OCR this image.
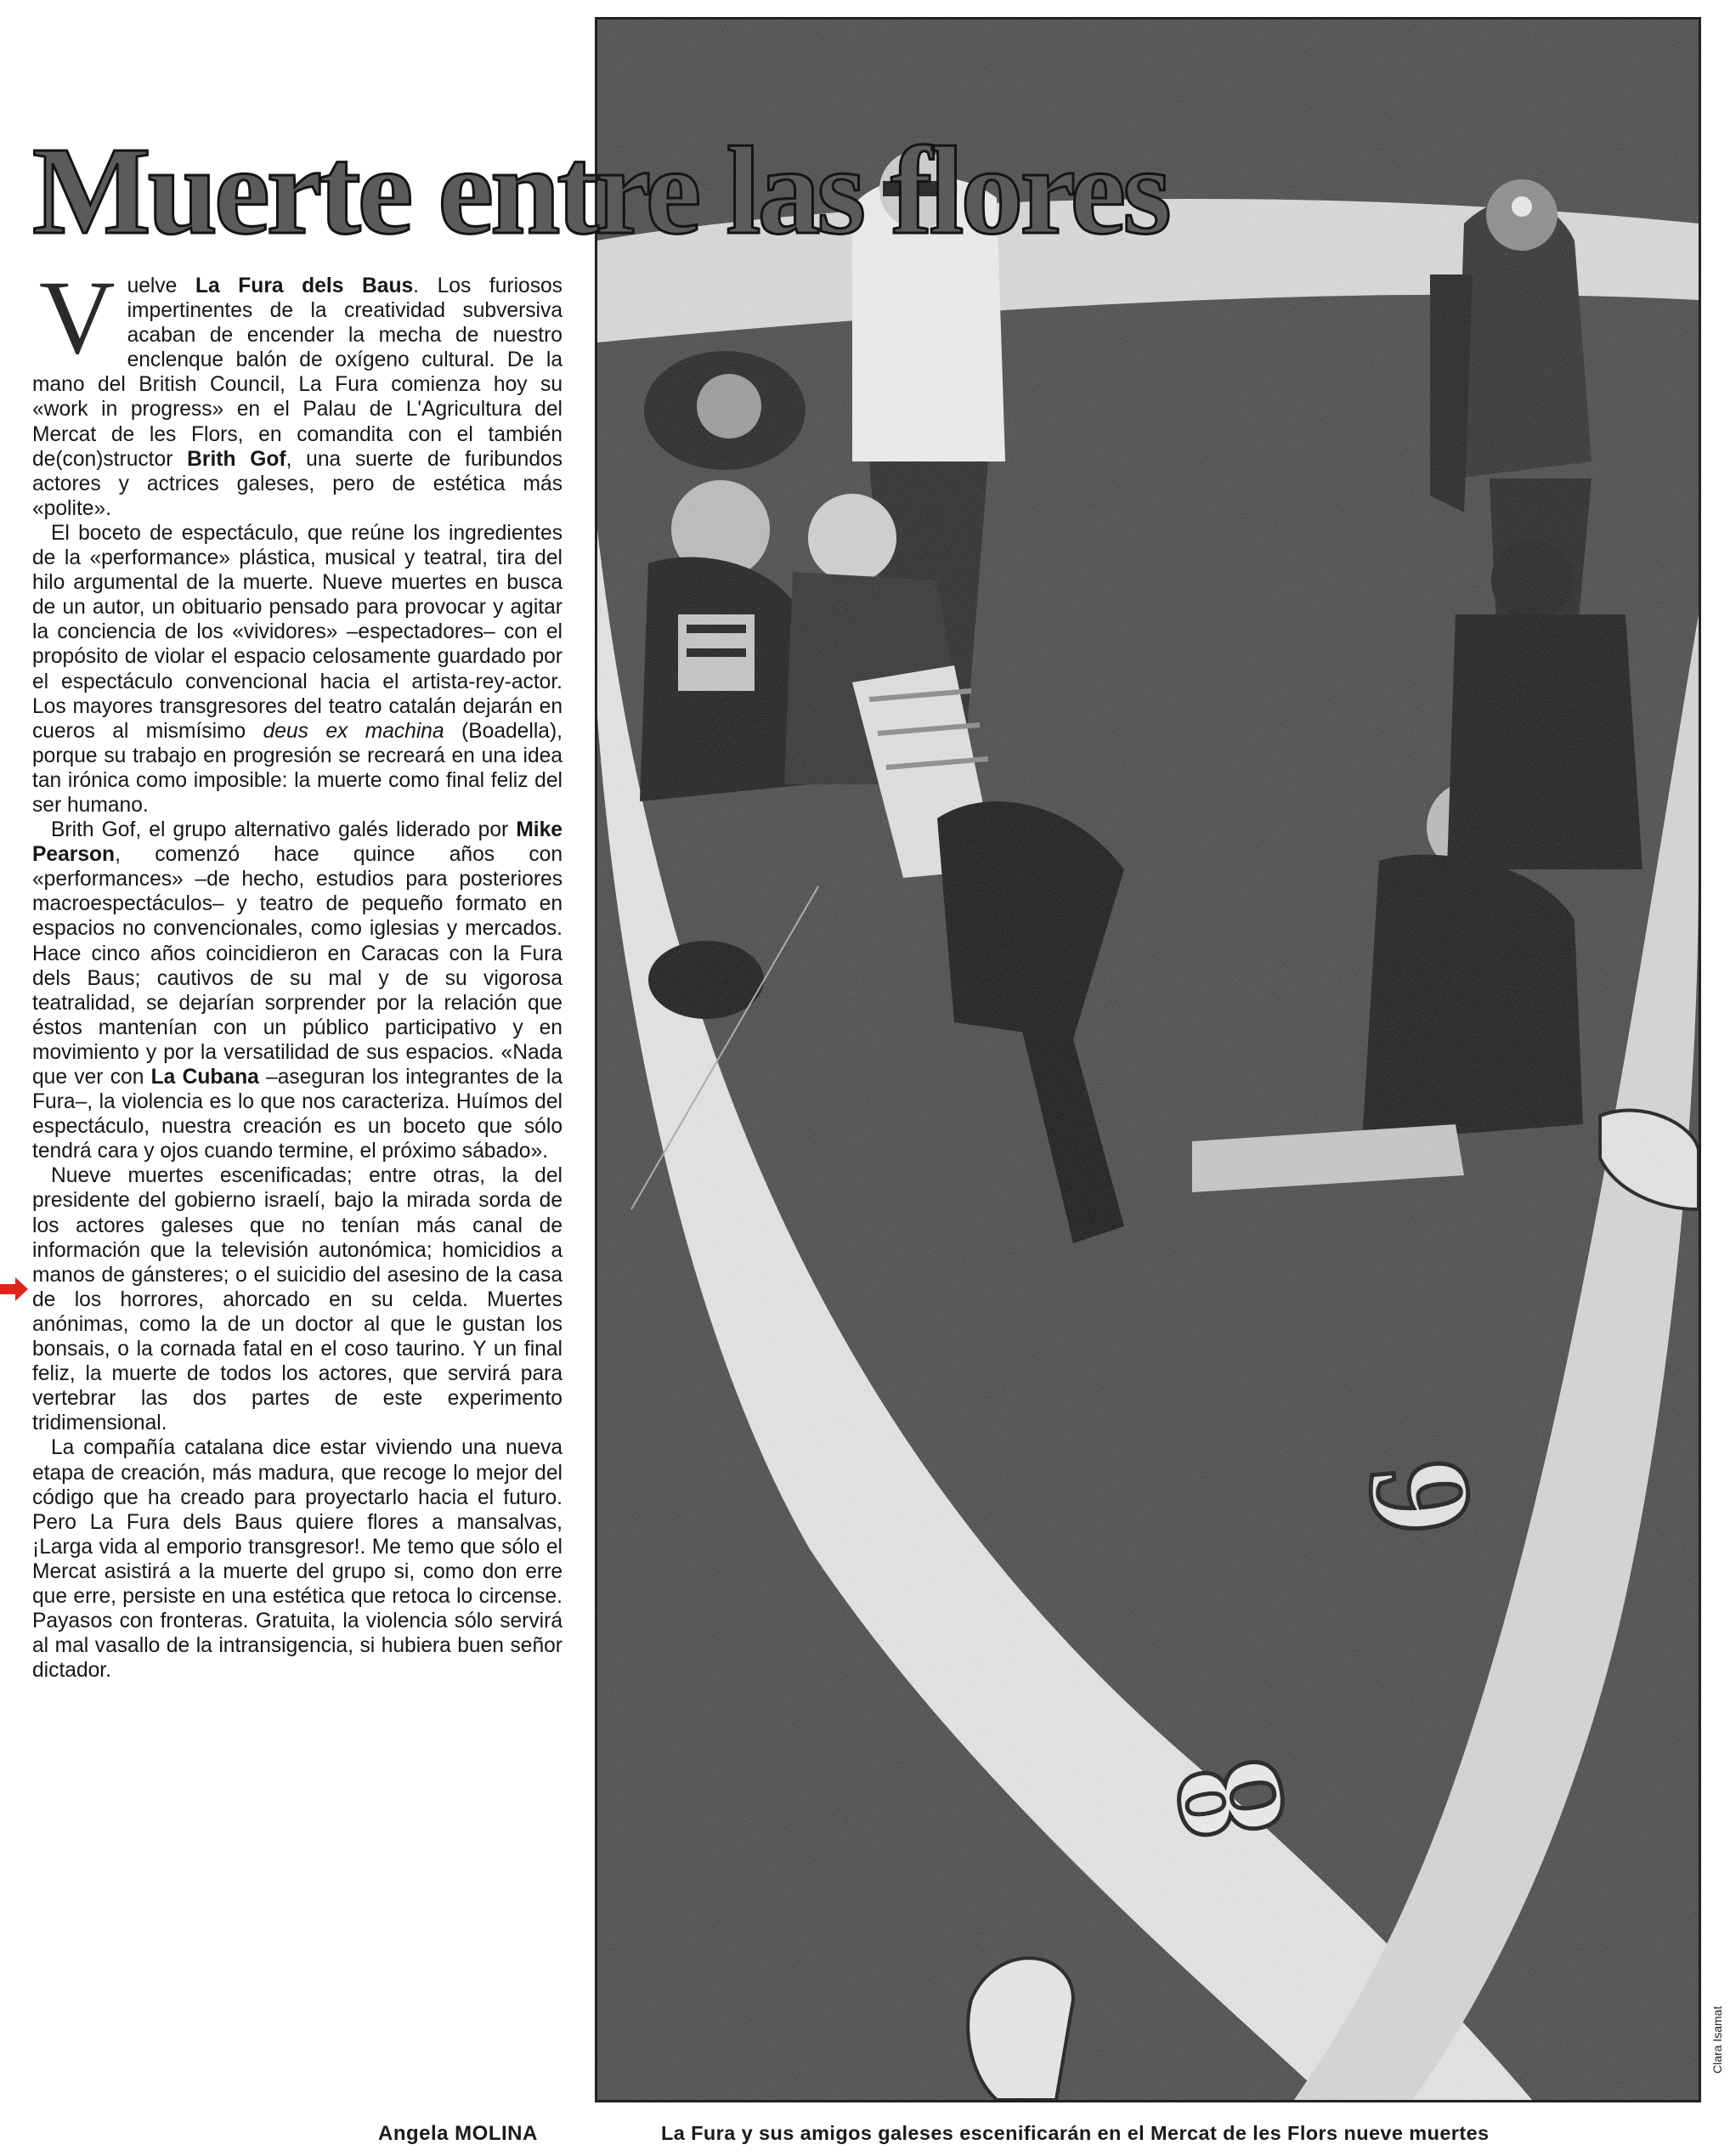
Muerte entre las flores

Vuelve La Fura dels Baus. Los furiosos impertinentes de la creatividad subversiva acaban de encender la mecha de nuestro enclenque balón de oxígeno cultural. De la mano del British Council, La Fura comienza hoy su «work in progress» en el Palau de L'Agricultura del Mercat de les Flors, en comandita con el también de(con)structor Brith Gof, una suerte de furibundos actores y actrices galeses, pero de estética más «polite».

El boceto de espectáculo, que reúne los ingredientes de la «performance» plástica, musical y teatral, tira del hilo argumental de la muerte. Nueve muertes en busca de un autor, un obituario pensado para provocar y agitar la conciencia de los «vividores» –espectadores– con el propósito de violar el espacio celosamente guardado por el espectáculo convencional hacia el artista-rey-actor. Los mayores transgresores del teatro catalán dejarán en cueros al mismísimo deus ex machina (Boadella), porque su trabajo en progresión se recreará en una idea tan irónica como imposible: la muerte como final feliz del ser humano.

Brith Gof, el grupo alternativo galés liderado por Mike Pearson, comenzó hace quince años con «performances» –de hecho, estudios para posteriores macroespectáculos– y teatro de pequeño formato en espacios no convencionales, como iglesias y mercados. Hace cinco años coincidieron en Caracas con la Fura dels Baus; cautivos de su mal y de su vigorosa teatralidad, se dejarían sorprender por la relación que éstos mantenían con un público participativo y en movimiento y por la versatilidad de sus espacios. «Nada que ver con La Cubana –aseguran los integrantes de la Fura–, la violencia es lo que nos caracteriza. Huímos del espectáculo, nuestra creación es un boceto que sólo tendrá cara y ojos cuando termine, el próximo sábado».

Nueve muertes escenificadas; entre otras, la del presidente del gobierno israelí, bajo la mirada sorda de los actores galeses que no tenían más canal de información que la televisión autonómica; homicidios a manos de gánsteres; o el suicidio del asesino de la casa de los horrores, ahorcado en su celda. Muertes anónimas, como la de un doctor al que le gustan los bonsais, o la cornada fatal en el coso taurino. Y un final feliz, la muerte de todos los actores, que servirá para vertebrar las dos partes de este experimento tridimensional.

La compañía catalana dice estar viviendo una nueva etapa de creación, más madura, que recoge lo mejor del código que ha creado para proyectarlo hacia el futuro. Pero La Fura dels Baus quiere flores a mansalvas, ¡Larga vida al emporio transgresor!. Me temo que sólo el Mercat asistirá a la muerte del grupo si, como don erre que erre, persiste en una estética que retoca lo circense. Payasos con fronteras. Gratuita, la violencia sólo servirá al mal vasallo de la intransigencia, si hubiera buen señor dictador.

Angela MOLINA	La Fura y sus amigos galeses escenificarán en el Mercat de les Flors nueve muertes

Clara Isamat
